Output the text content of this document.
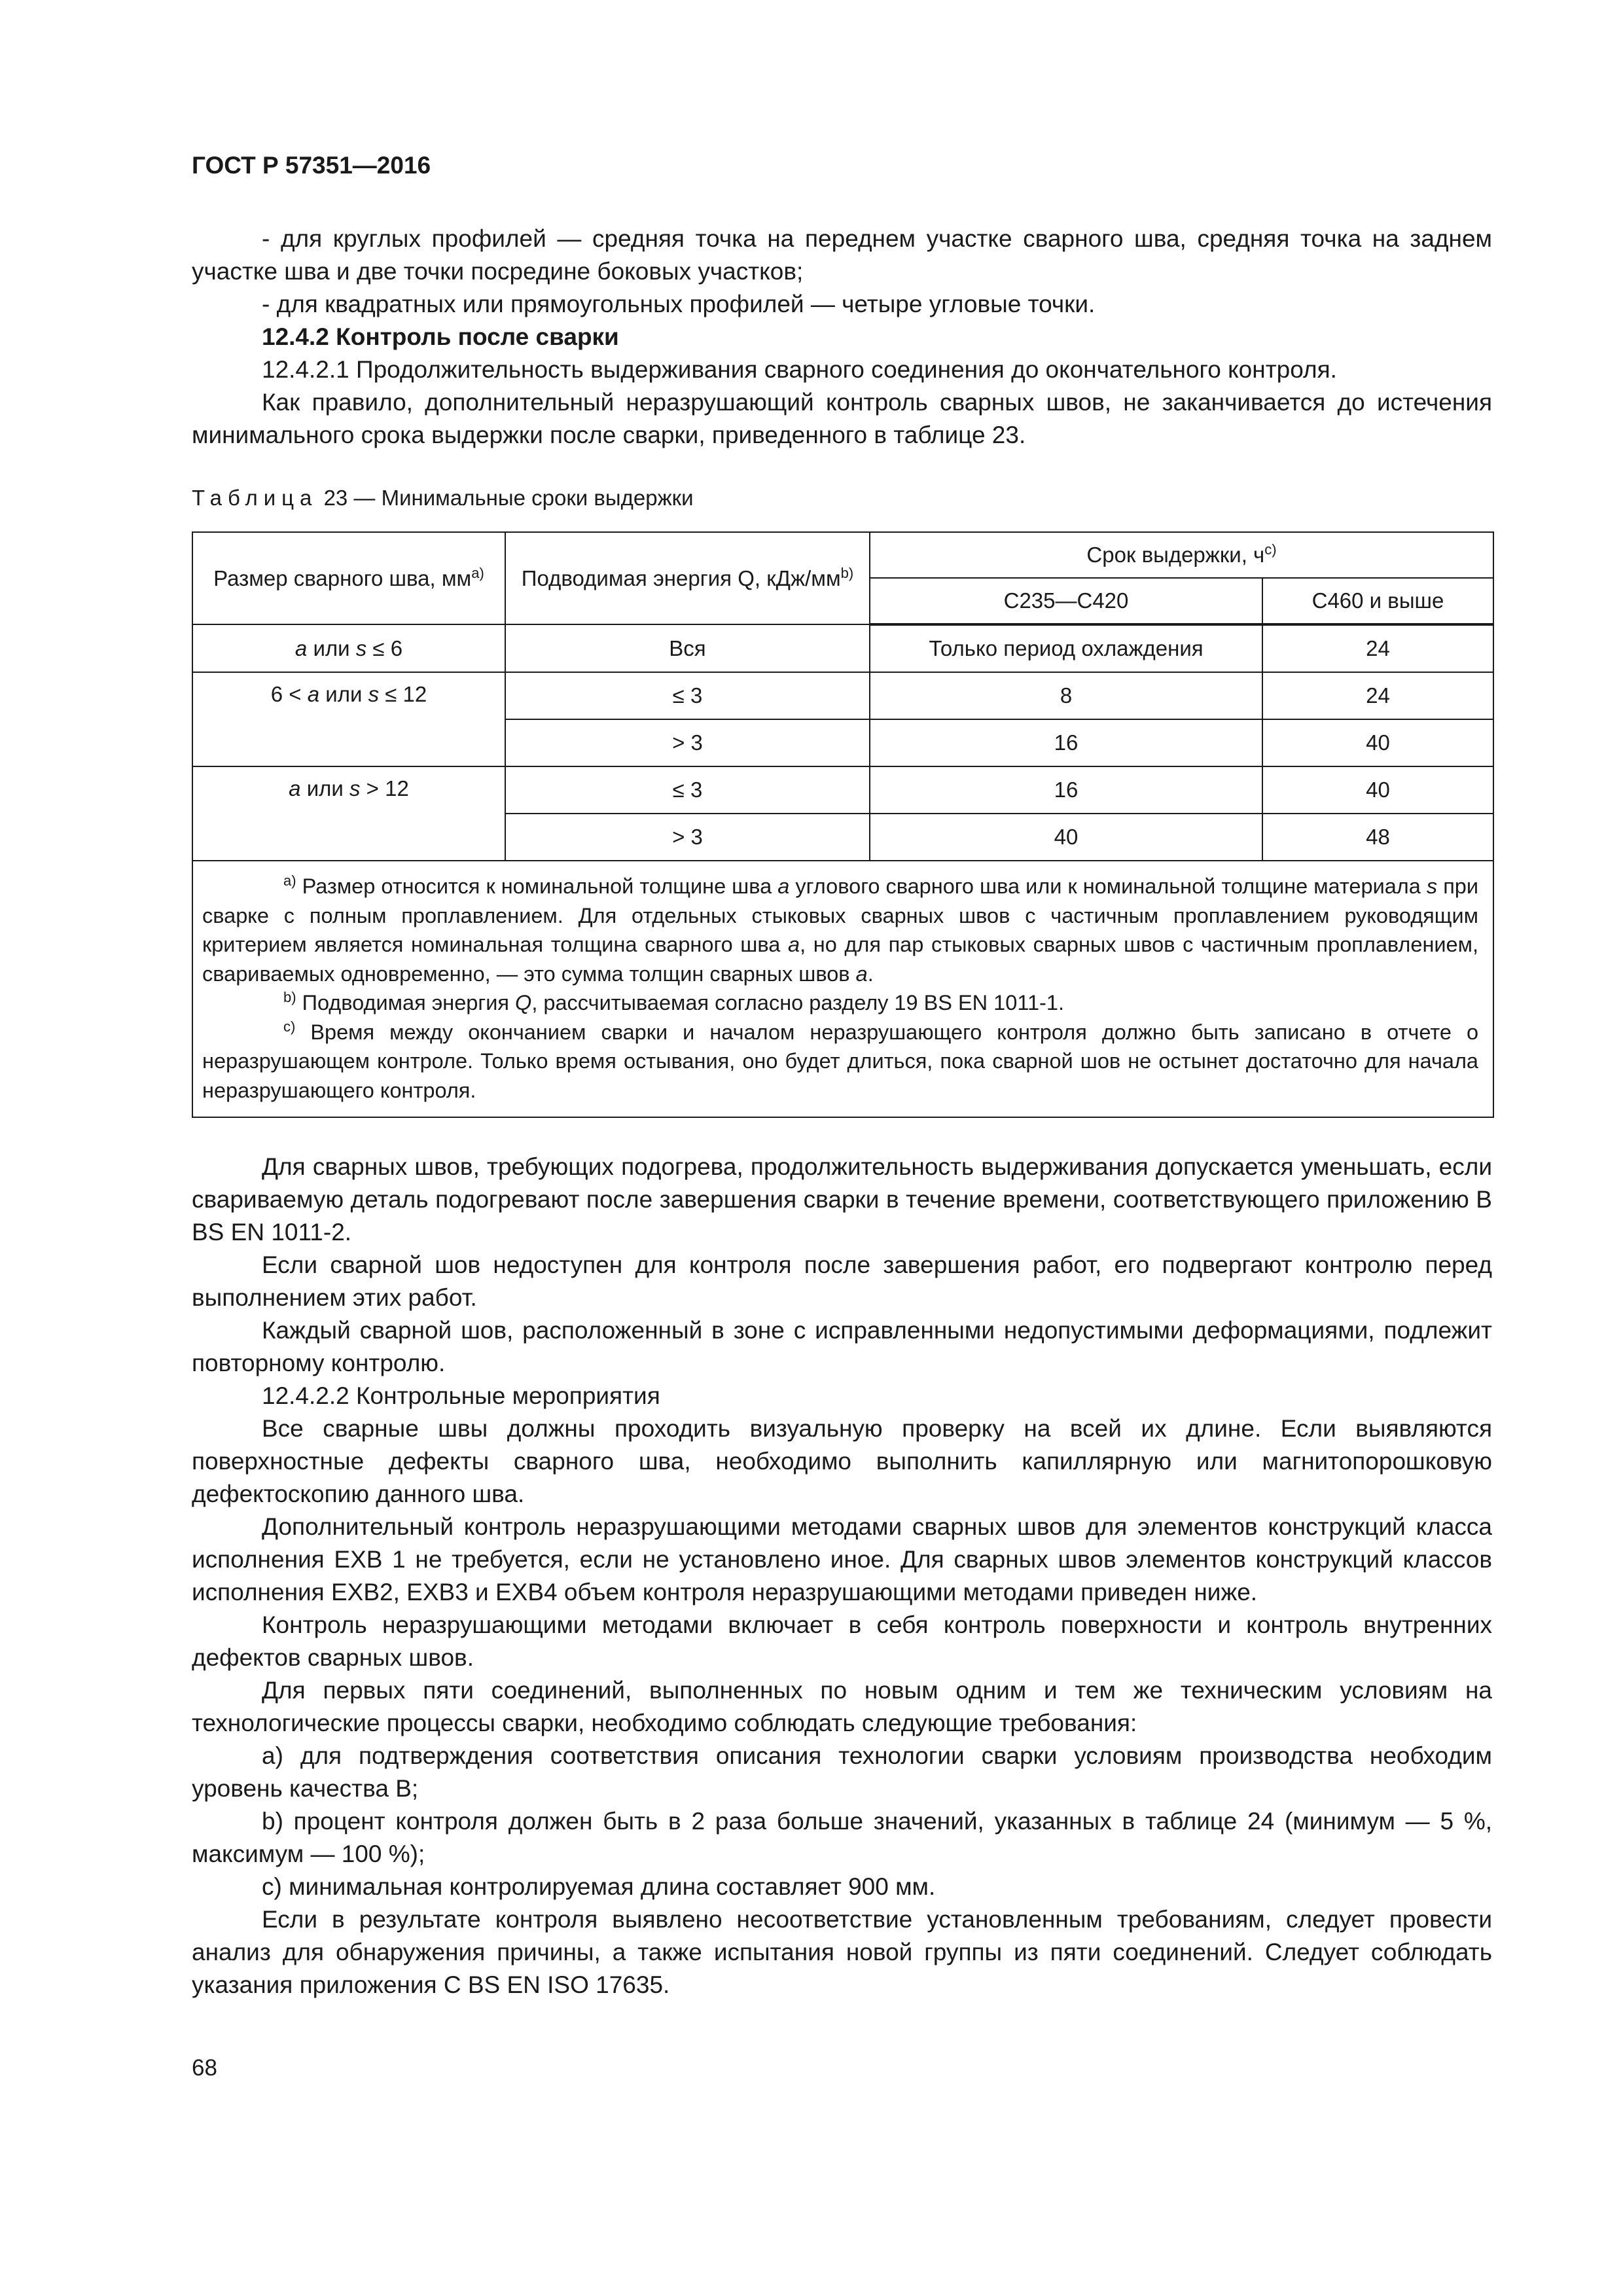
ГОСТ Р 57351—2016

- для круглых профилей — средняя точка на переднем участке сварного шва, средняя точка на заднем участке шва и две точки посредине боковых участков;

- для квадратных или прямоугольных профилей — четыре угловые точки.

12.4.2 Контроль после сварки

12.4.2.1 Продолжительность выдерживания сварного соединения до окончательного контроля.

Как правило, дополнительный неразрушающий контроль сварных швов, не заканчивается до истечения минимального срока выдержки после сварки, приведенного в таблице 23.

Таблица 23 — Минимальные сроки выдержки
Размер сварного шва, $мм^{a)}$	Подводимая энергия Q, кДж/$мм^{b)}$	Срок выдержки, $ч^{c)}$
		С235—С420	С460 и выше
a или s ≤ 6	Вся	Только период охлаждения	24
6 < a или s ≤ 12	≤ 3	8	24
	> 3	16	40
a или s > 12	≤ 3	16	40
	> 3	40	48

$^{a)}$ Размер относится к номинальной толщине шва a углового сварного шва или к номинальной толщине материала s при сварке с полным проплавлением. Для отдельных стыковых сварных швов с частичным проплавлением руководящим критерием является номинальная толщина сварного шва a, но для пар стыковых сварных швов с частичным проплавлением, свариваемых одновременно, — это сумма толщин сварных швов a.

$^{b)}$ Подводимая энергия Q, рассчитываемая согласно разделу 19 BS EN 1011-1.

$^{c)}$ Время между окончанием сварки и началом неразрушающего контроля должно быть записано в отчете о неразрушающем контроле. Только время остывания, оно будет длиться, пока сварной шов не остынет достаточно для начала неразрушающего контроля.			

Для сварных швов, требующих подогрева, продолжительность выдерживания допускается уменьшать, если свариваемую деталь подогревают после завершения сварки в течение времени, соответствующего приложению В BS EN 1011-2.

Если сварной шов недоступен для контроля после завершения работ, его подвергают контролю перед выполнением этих работ.

Каждый сварной шов, расположенный в зоне с исправленными недопустимыми деформациями, подлежит повторному контролю.

12.4.2.2 Контрольные мероприятия

Все сварные швы должны проходить визуальную проверку на всей их длине. Если выявляются поверхностные дефекты сварного шва, необходимо выполнить капиллярную или магнитопорошковую дефектоскопию данного шва.

Дополнительный контроль неразрушающими методами сварных швов для элементов конструкций класса исполнения ЕХВ 1 не требуется, если не установлено иное. Для сварных швов элементов конструкций классов исполнения ЕХВ2, ЕХВ3 и ЕХВ4 объем контроля неразрушающими методами приведен ниже.

Контроль неразрушающими методами включает в себя контроль поверхности и контроль внутренних дефектов сварных швов.

Для первых пяти соединений, выполненных по новым одним и тем же техническим условиям на технологические процессы сварки, необходимо соблюдать следующие требования:

a) для подтверждения соответствия описания технологии сварки условиям производства необходим уровень качества В;

b) процент контроля должен быть в 2 раза больше значений, указанных в таблице 24 (минимум — 5 %, максимум — 100 %);

c) минимальная контролируемая длина составляет 900 мм.

Если в результате контроля выявлено несоответствие установленным требованиям, следует провести анализ для обнаружения причины, а также испытания новой группы из пяти соединений. Следует соблюдать указания приложения С BS EN ISO 17635.

68
